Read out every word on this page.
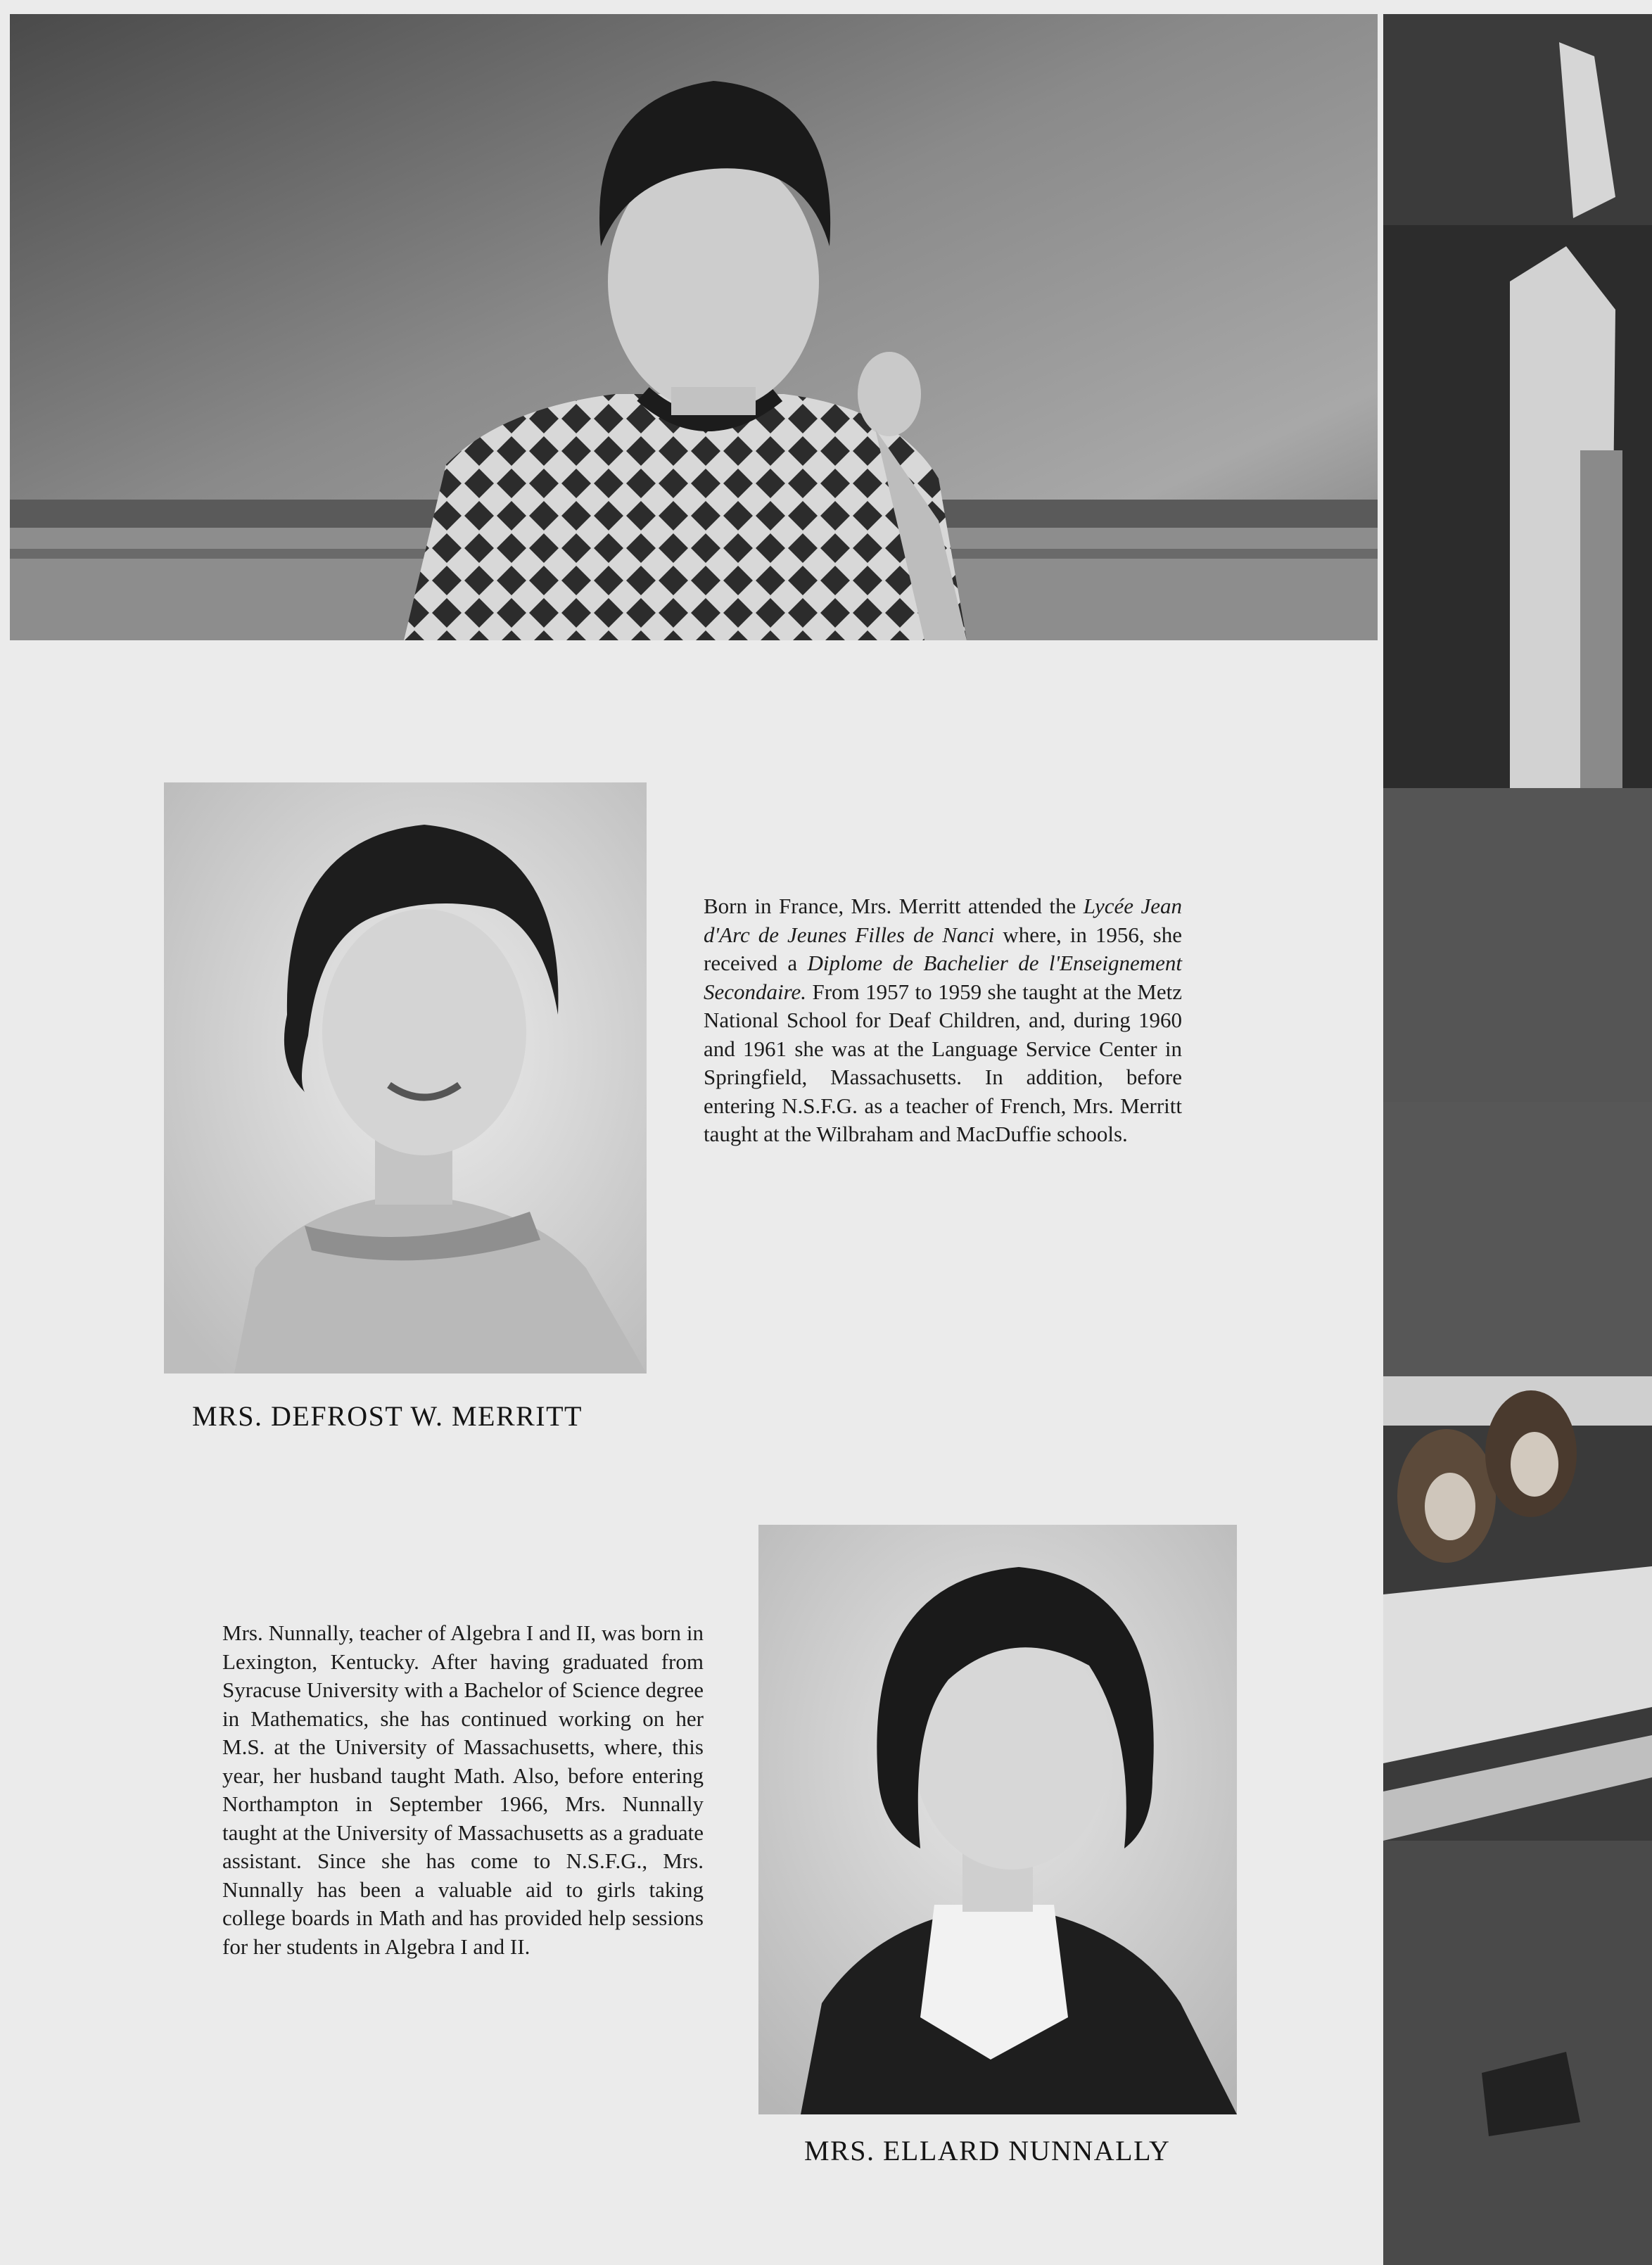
Born in France, Mrs. Merritt attended the Lycée Jean d'Arc de Jeunes Filles de Nanci where, in 1956, she received a Diplome de Bachelier de l'Enseignement Secondaire. From 1957 to 1959 she taught at the Metz National School for Deaf Children, and, during 1960 and 1961 she was at the Language Service Center in Springfield, Massachusetts. In addition, before entering N.S.F.G. as a teacher of French, Mrs. Merritt taught at the Wilbraham and MacDuffie schools.

MRS. DEFROST W. MERRITT

Mrs. Nunnally, teacher of Algebra I and II, was born in Lexington, Kentucky. After having graduated from Syracuse University with a Bachelor of Science degree in Mathematics, she has continued working on her M.S. at the University of Massachusetts, where, this year, her husband taught Math. Also, before entering Northampton in September 1966, Mrs. Nunnally taught at the University of Massachusetts as a graduate assistant. Since she has come to N.S.F.G., Mrs. Nunnally has been a valuable aid to girls taking college boards in Math and has provided help sessions for her students in Algebra I and II.

MRS. ELLARD NUNNALLY
